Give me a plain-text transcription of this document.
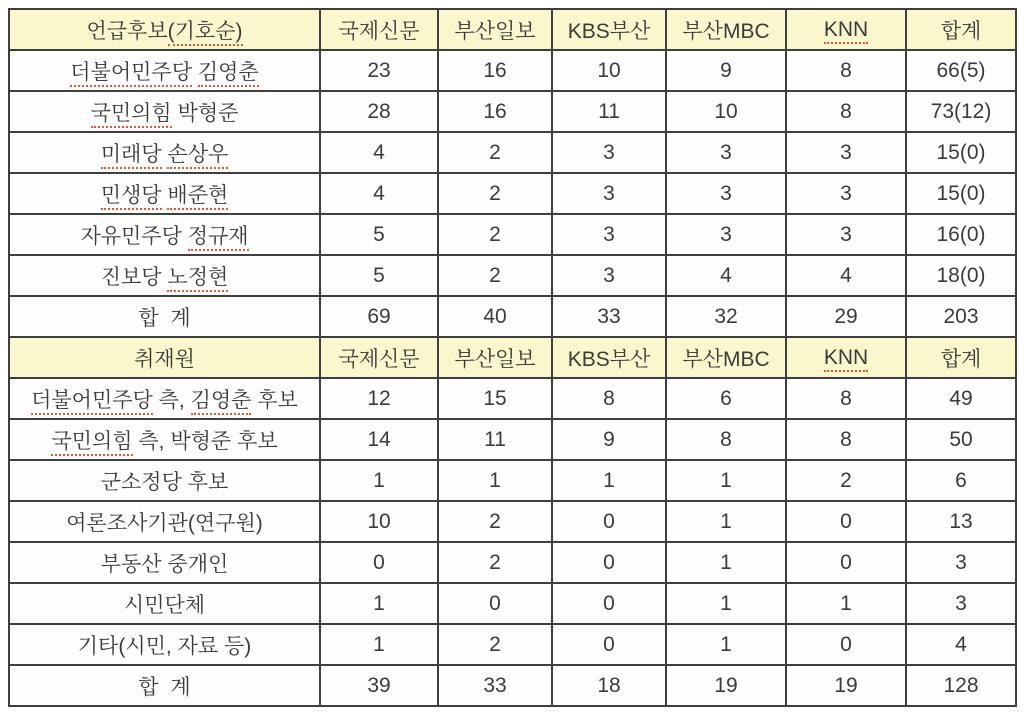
언급후보(기호순)	국제신문	부산일보	KBS부산	부산MBC	KNN	합계
더불어민주당 김영춘	23	16	10	9	8	66(5)
국민의힘 박형준	28	16	11	10	8	73(12)
미래당 손상우	4	2	3	3	3	15(0)
민생당 배준현	4	2	3	3	3	15(0)
자유민주당 정규재	5	2	3	3	3	16(0)
진보당 노정현	5	2	3	4	4	18(0)
합  계	69	40	33	32	29	203
취재원	국제신문	부산일보	KBS부산	부산MBC	KNN	합계
더불어민주당 측, 김영춘 후보	12	15	8	6	8	49
국민의힘 측, 박형준 후보	14	11	9	8	8	50
군소정당 후보	1	1	1	1	2	6
여론조사기관(연구원)	10	2	0	1	0	13
부동산 중개인	0	2	0	1	0	3
시민단체	1	0	0	1	1	3
기타(시민, 자료 등)	1	2	0	1	0	4
합  계	39	33	18	19	19	128
